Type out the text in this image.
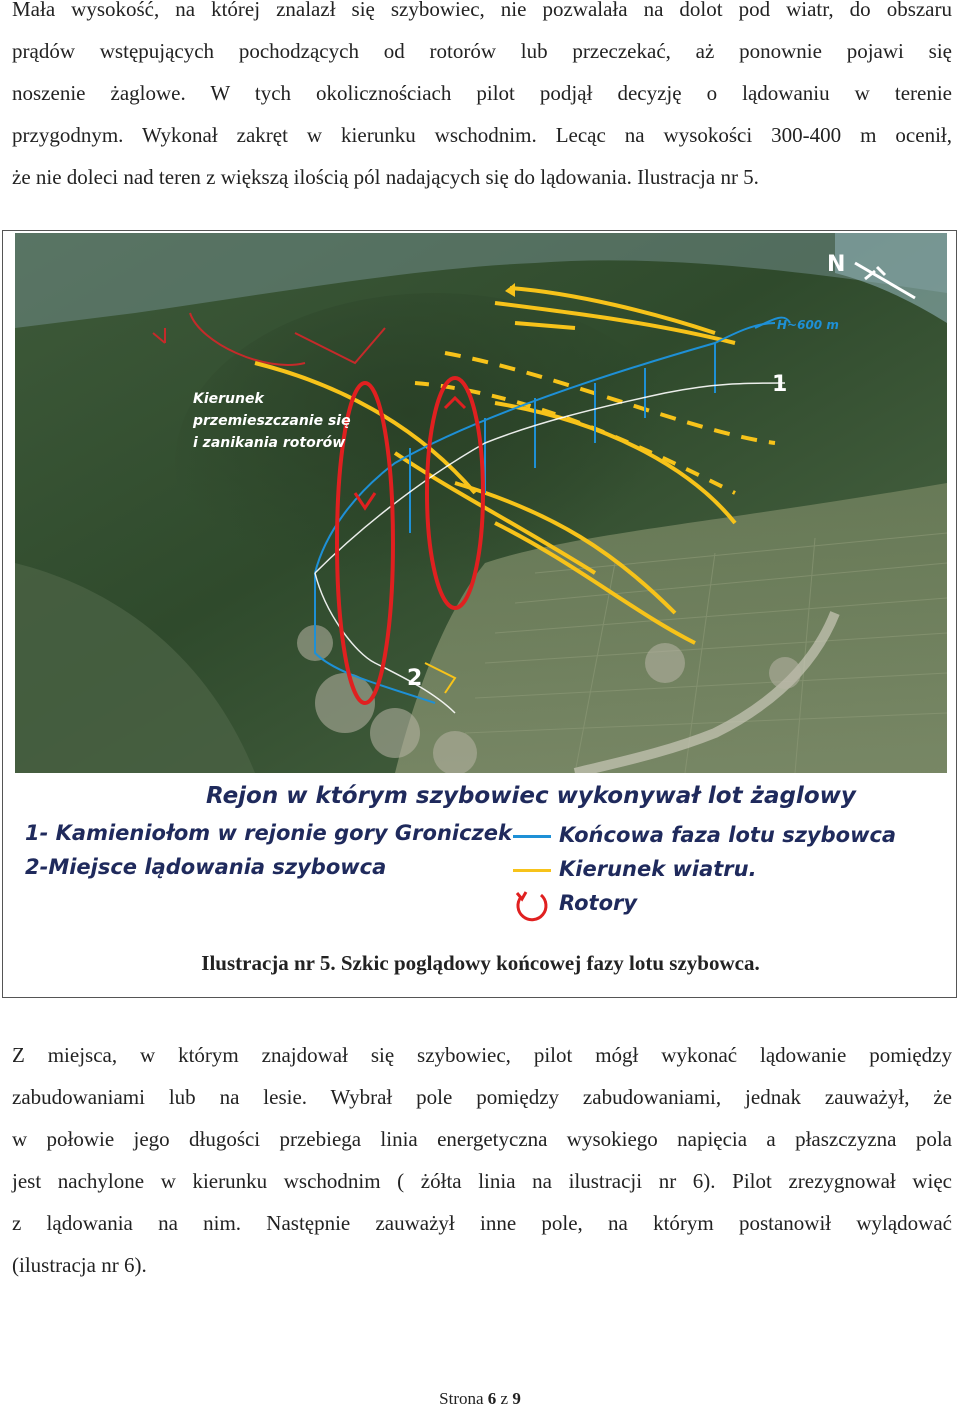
Mała wysokość, na której znalazł się szybowiec, nie pozwalała na dolot pod wiatr, do obszaru
prądów wstępujących pochodzących od rotorów lub przeczekać, aż ponownie pojawi się
noszenie żaglowe. W tych okolicznościach pilot podjął decyzję o lądowaniu w terenie
przygodnym. Wykonał zakręt w kierunku wschodnim. Lecąc na wysokości 300-400 m ocenił,
że nie doleci nad teren z większą ilością pól nadających się do lądowania. Ilustracja nr 5.
N
H~600 m
1
2
Kierunek
przemieszczanie się
i zanikania rotorów
Rejon w którym szybowiec wykonywał lot żaglowy
1- Kamieniołom w rejonie gory Groniczek
2-Miejsce lądowania szybowca
Końcowa faza lotu szybowca
Kierunek wiatru.
Rotory
Ilustracja nr 5. Szkic poglądowy końcowej fazy lotu szybowca.
Z miejsca, w którym znajdował się szybowiec, pilot mógł wykonać lądowanie pomiędzy
zabudowaniami lub na lesie. Wybrał pole pomiędzy zabudowaniami, jednak zauważył, że
w połowie jego długości przebiega linia energetyczna wysokiego napięcia a płaszczyzna pola
jest nachylone w kierunku wschodnim ( żółta linia na ilustracji nr 6). Pilot zrezygnował więc
z lądowania na nim. Następnie zauważył inne pole, na którym postanowił wylądować
(ilustracja nr 6).
Strona 6 z 9
